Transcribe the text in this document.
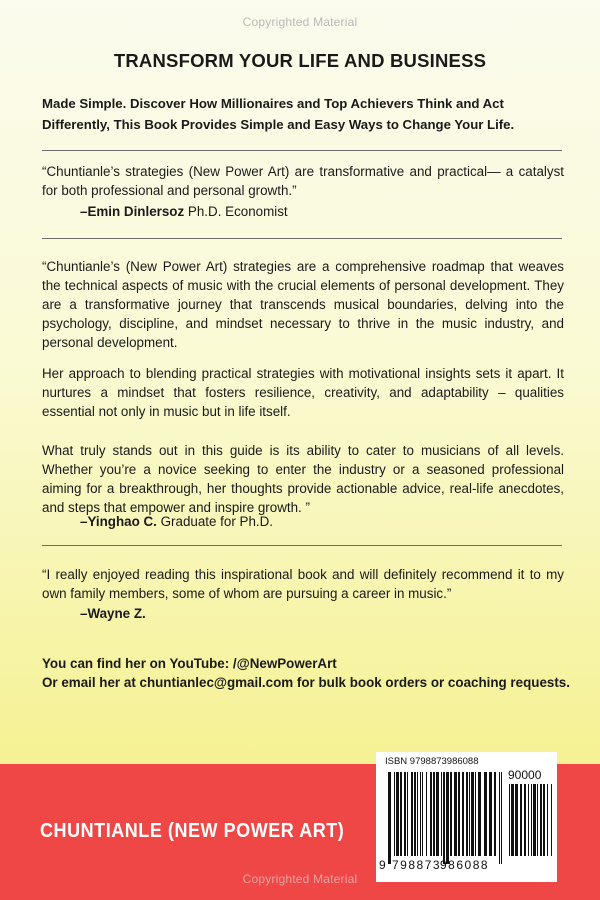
Copyrighted Material
TRANSFORM YOUR LIFE AND BUSINESS
Made Simple. Discover How Millionaires and Top Achievers Think and Act Differently, This Book Provides Simple and Easy Ways to Change Your Life.
“Chuntianle’s strategies (New Power Art) are transformative and practical— a catalyst for both professional and personal growth.”
–Emin Dinlersoz Ph.D. Economist
“Chuntianle’s (New Power Art) strategies are a comprehensive roadmap that weaves the technical aspects of music with the crucial elements of personal development. They are a transformative journey that transcends musical boundaries, delving into the psychology, discipline, and mindset necessary to thrive in the music industry, and personal development.
Her approach to blending practical strategies with motivational insights sets it apart. It nurtures a mindset that fosters resilience, creativity, and adaptability – qualities essential not only in music but in life itself.
What truly stands out in this guide is its ability to cater to musicians of all levels. Whether you’re a novice seeking to enter the industry or a seasoned professional aiming for a breakthrough, her thoughts provide actionable advice, real-life anecdotes, and steps that empower and inspire growth. ”
–Yinghao C. Graduate for Ph.D.
“I really enjoyed reading this inspirational book and will definitely recommend it to my own family members, some of whom are pursuing a career in music.”
–Wayne Z.
You can find her on YouTube: /@NewPowerArt
Or email her at chuntianlec@gmail.com for bulk book orders or coaching requests.
CHUNTIANLE (NEW POWER ART)
Copyrighted Material
ISBN 9798873986088
90000
9 798873
986088
